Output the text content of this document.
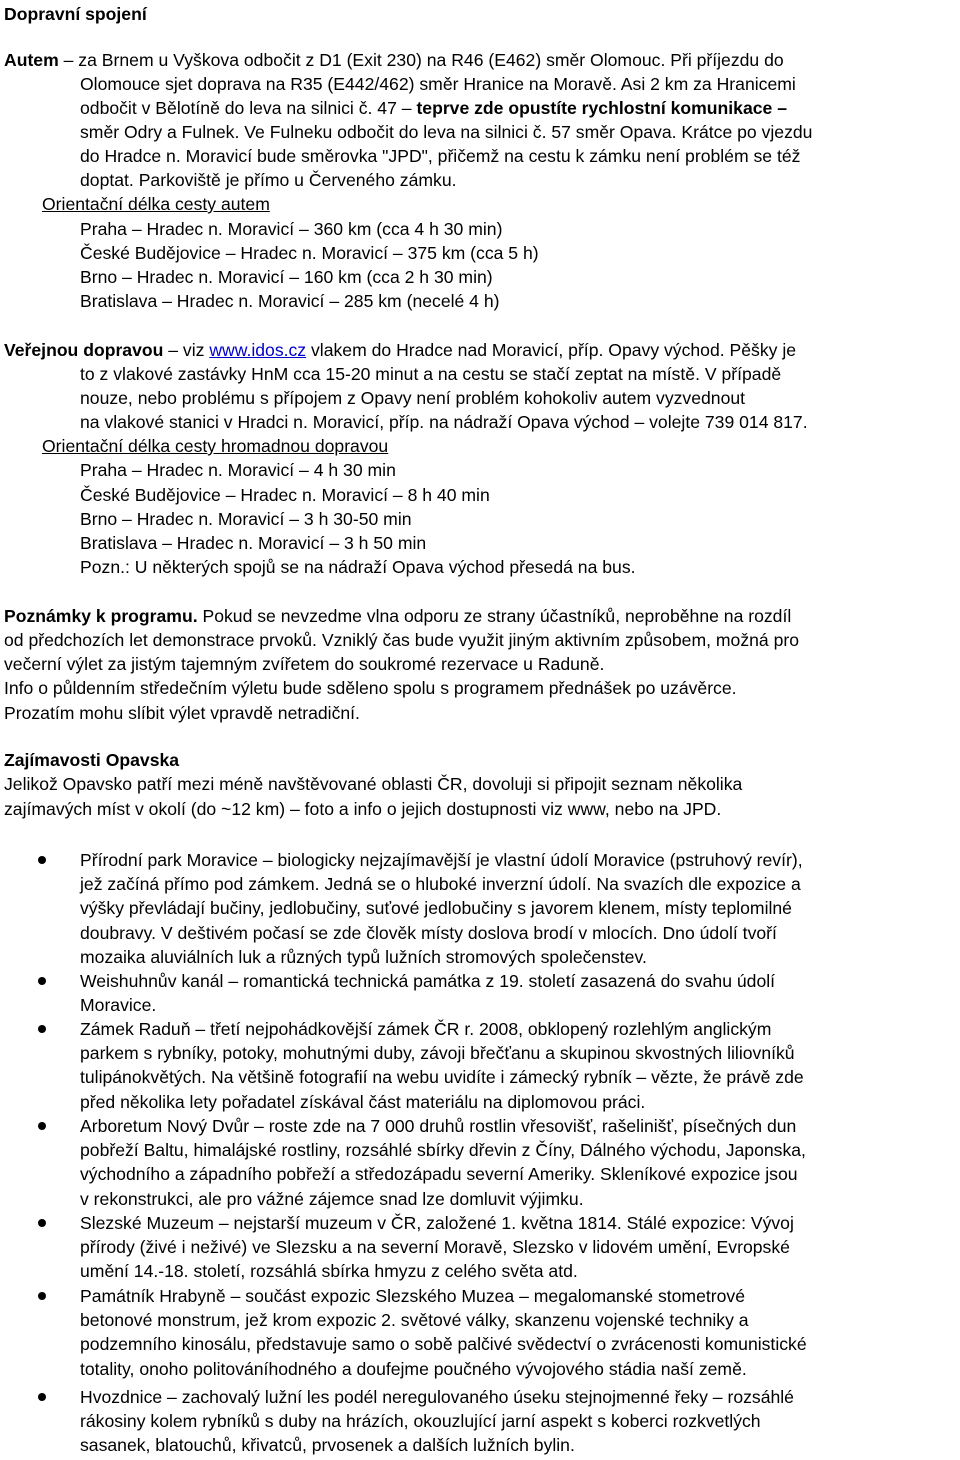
Dopravní spojení
Autem – za Brnem u Vyškova odbočit z D1 (Exit 230) na R46 (E462) směr Olomouc. Při příjezdu do
Olomouce sjet doprava na R35 (E442/462) směr Hranice na Moravě. Asi 2 km za Hranicemi
odbočit v Bělotíně do leva na silnici č. 47 – teprve zde opustíte rychlostní komunikace –
směr Odry a Fulnek. Ve Fulneku odbočit do leva na silnici č. 57 směr Opava. Krátce po vjezdu
do Hradce n. Moravicí bude směrovka "JPD", přičemž na cestu k zámku není problém se též
doptat. Parkoviště je přímo u Červeného zámku.
Orientační délka cesty autem
Praha – Hradec n. Moravicí – 360 km (cca 4 h 30 min)
České Budějovice – Hradec n. Moravicí – 375 km (cca 5 h)
Brno – Hradec n. Moravicí – 160 km (cca 2 h 30 min)
Bratislava – Hradec n. Moravicí – 285 km (necelé 4 h)
Veřejnou dopravou – viz www.idos.cz vlakem do Hradce nad Moravicí, příp. Opavy východ. Pěšky je
to z vlakové zastávky HnM cca 15-20 minut a na cestu se stačí zeptat na místě. V případě
nouze, nebo problému s přípojem z Opavy není problém kohokoliv autem vyzvednout
na vlakové stanici v Hradci n. Moravicí, příp. na nádraží Opava východ – volejte 739 014 817.
Orientační délka cesty hromadnou dopravou
Praha – Hradec n. Moravicí – 4 h 30 min
České Budějovice – Hradec n. Moravicí – 8 h 40 min
Brno – Hradec n. Moravicí – 3 h 30-50 min
Bratislava – Hradec n. Moravicí – 3 h 50 min
Pozn.: U některých spojů se na nádraží Opava východ přesedá na bus.
Poznámky k programu. Pokud se nevzedme vlna odporu ze strany účastníků, neproběhne na rozdíl
od předchozích let demonstrace prvoků. Vzniklý čas bude využit jiným aktivním způsobem, možná pro
večerní výlet za jistým tajemným zvířetem do soukromé rezervace u Raduně.
Info o půldenním středečním výletu bude sděleno spolu s programem přednášek po uzávěrce.
Prozatím mohu slíbit výlet vpravdě netradiční.
Zajímavosti Opavska
Jelikož Opavsko patří mezi méně navštěvované oblasti ČR, dovoluji si připojit seznam několika
zajímavých míst v okolí (do ~12 km) – foto a info o jejich dostupnosti viz www, nebo na JPD.
Přírodní park Moravice – biologicky nejzajímavější je vlastní údolí Moravice (pstruhový revír),
jež začíná přímo pod zámkem. Jedná se o hluboké inverzní údolí. Na svazích dle expozice a
výšky převládají bučiny, jedlobučiny, suťové jedlobučiny s javorem klenem, místy teplomilné
doubravy. V deštivém počasí se zde člověk místy doslova brodí v mlocích. Dno údolí tvoří
mozaika aluviálních luk a různých typů lužních stromových společenstev.
Weishuhnův kanál – romantická technická památka z 19. století zasazená do svahu údolí
Moravice.
Zámek Raduň – třetí nejpohádkovější zámek ČR r. 2008, obklopený rozlehlým anglickým
parkem s rybníky, potoky, mohutnými duby, závoji břečťanu a skupinou skvostných liliovníků
tulipánokvětých. Na většině fotografií na webu uvidíte i zámecký rybník – vězte, že právě zde
před několika lety pořadatel získával část materiálu na diplomovou práci.
Arboretum Nový Dvůr – roste zde na 7 000 druhů rostlin vřesovišť, rašelinišť, písečných dun
pobřeží Baltu, himalájské rostliny, rozsáhlé sbírky dřevin z Číny, Dálného východu, Japonska,
východního a západního pobřeží a středozápadu severní Ameriky. Skleníkové expozice jsou
v rekonstrukci, ale pro vážné zájemce snad lze domluvit výjimku.
Slezské Muzeum – nejstarší muzeum v ČR, založené 1. května 1814. Stálé expozice: Vývoj
přírody (živé i neživé) ve Slezsku a na severní Moravě, Slezsko v lidovém umění, Evropské
umění 14.-18. století, rozsáhlá sbírka hmyzu z celého světa atd.
Památník Hrabyně – součást expozic Slezského Muzea – megalomanské stometrové
betonové monstrum, jež krom expozic 2. světové války, skanzenu vojenské techniky a
podzemního kinosálu, představuje samo o sobě palčivé svědectví o zvrácenosti komunistické
totality, onoho politováníhodného a doufejme poučného vývojového stádia naší země.
Hvozdnice – zachovalý lužní les podél neregulovaného úseku stejnojmenné řeky – rozsáhlé
rákosiny kolem rybníků s duby na hrázích, okouzlující jarní aspekt s koberci rozkvetlých
sasanek, blatouchů, křivatců, prvosenek a dalších lužních bylin.
